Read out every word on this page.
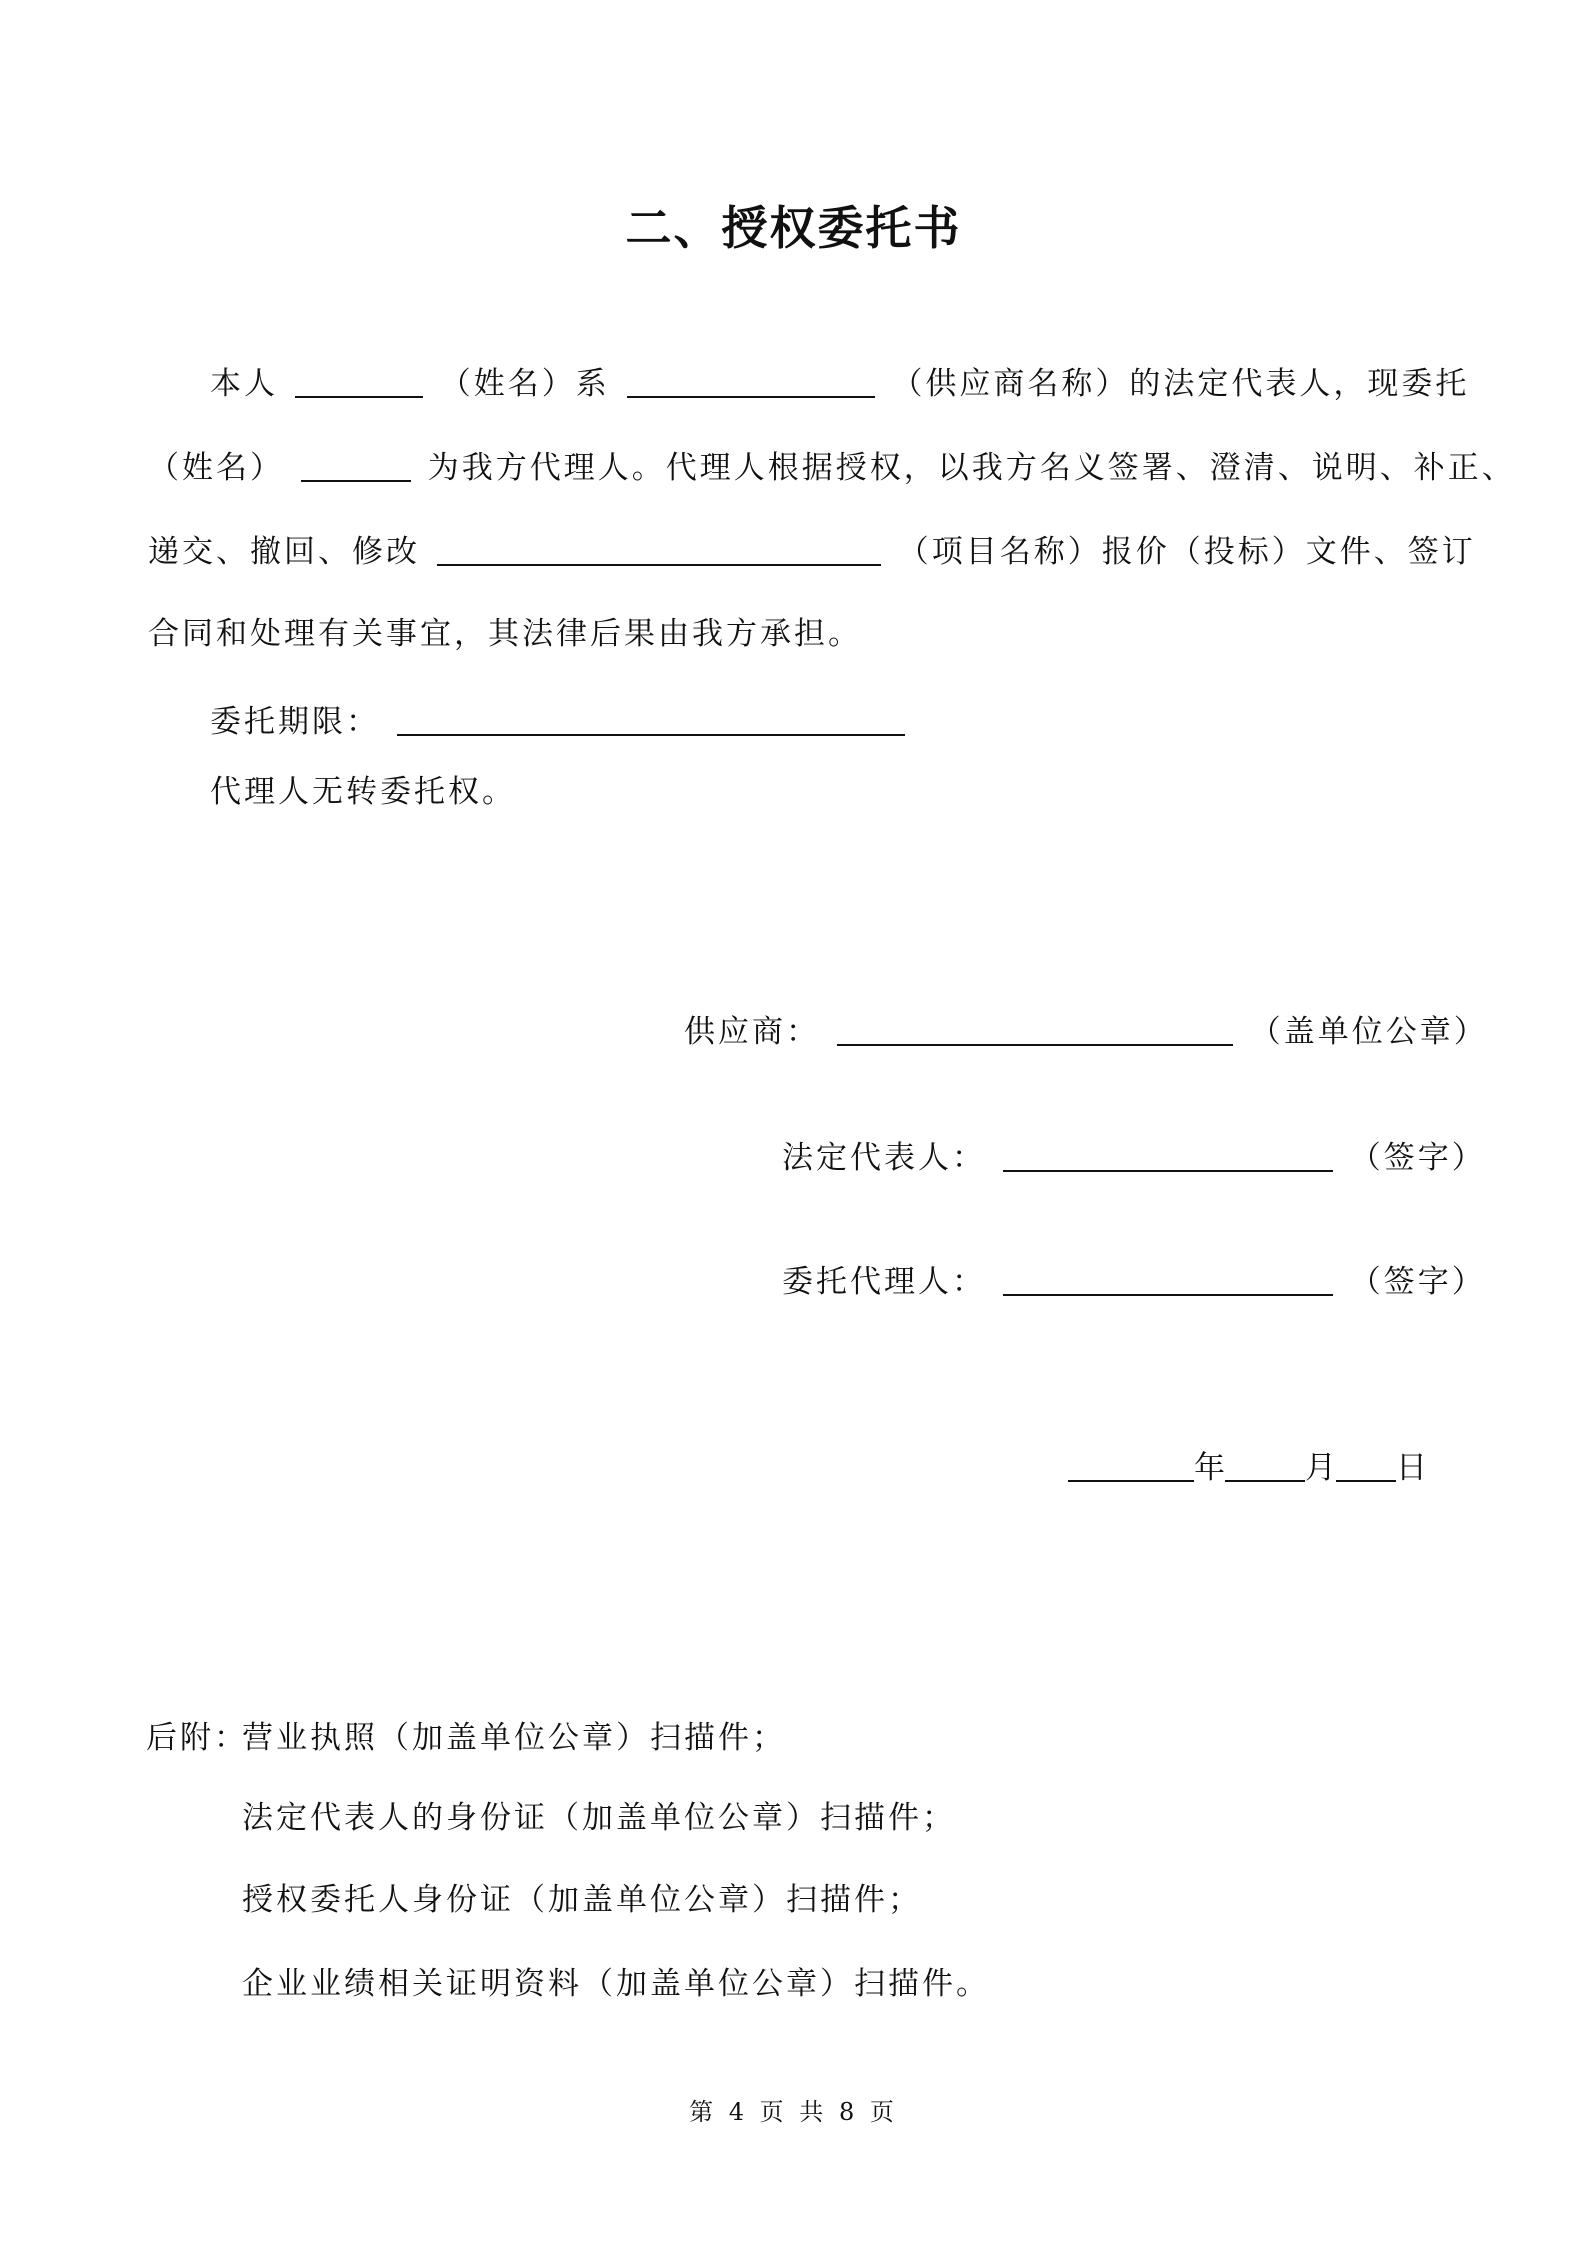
二、授权委托书
本人	（姓名）系	（供应商名称）的法定代表人，现委托
（姓名）	为我方代理人。代理人根据授权，以我方名义签署、澄清、说明、补正、
递交、撤回、修改	（项目名称）报价（投标）文件、签订
合同和处理有关事宜，其法律后果由我方承担。
委托期限：
代理人无转委托权。
供应商：	（盖单位公章）
法定代表人：	（签字）
委托代理人：	（签字）
年	月 日
后附：
营业执照（加盖单位公章）扫描件；
法定代表人的身份证（加盖单位公章）扫描件；
授权委托人身份证（加盖单位公章）扫描件；
企业业绩相关证明资料（加盖单位公章）扫描件。
第 4 页 共 8 页
